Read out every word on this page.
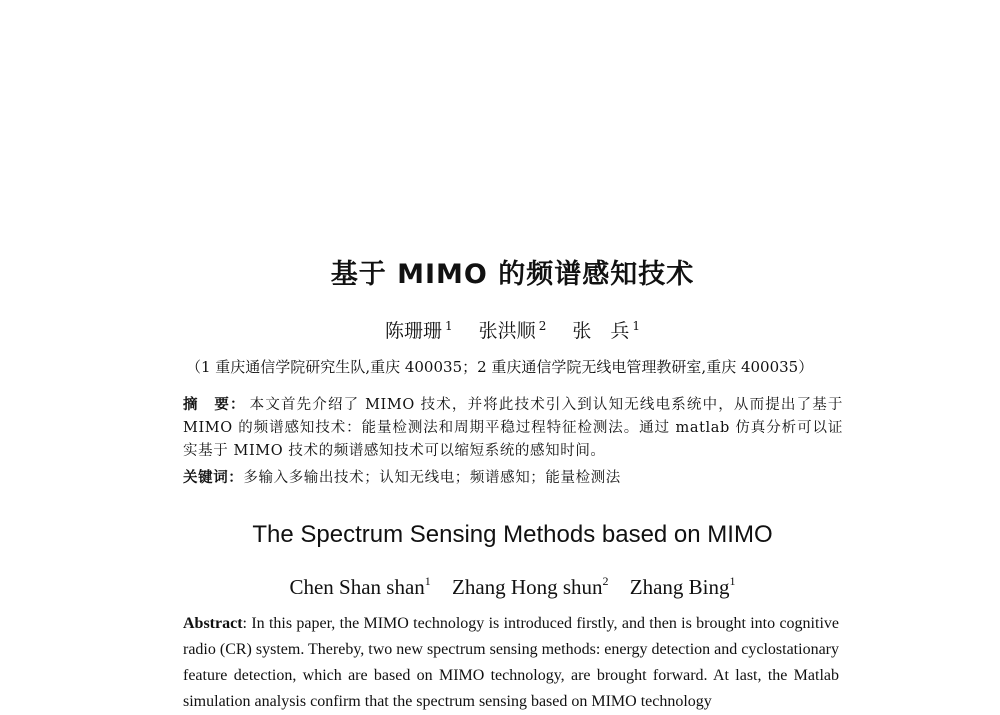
基于 MIMO 的频谱感知技术
陈珊珊 $^1$ 张洪顺 $^2$ 张　兵 $^1$
（1 重庆通信学院研究生队,重庆 400035；2 重庆通信学院无线电管理教研室,重庆 400035）
摘　要： 本文首先介绍了 MIMO 技术，并将此技术引入到认知无线电系统中，从而提出了基于 MIMO 的频谱感知技术：能量检测法和周期平稳过程特征检测法。通过 matlab 仿真分析可以证实基于 MIMO 技术的频谱感知技术可以缩短系统的感知时间。
关键词：多输入多输出技术；认知无线电；频谱感知；能量检测法
The Spectrum Sensing Methods based on MIMO
Chen Shan shan$^1$ Zhang Hong shun$^2$ Zhang Bing$^1$
Abstract: In this paper, the MIMO technology is introduced firstly, and then is brought into cognitive radio (CR) system. Thereby, two new spectrum sensing methods: energy detection and cyclostationary feature detection, which are based on MIMO technology, are brought forward. At last, the Matlab simulation analysis confirm that the spectrum sensing based on MIMO technology
